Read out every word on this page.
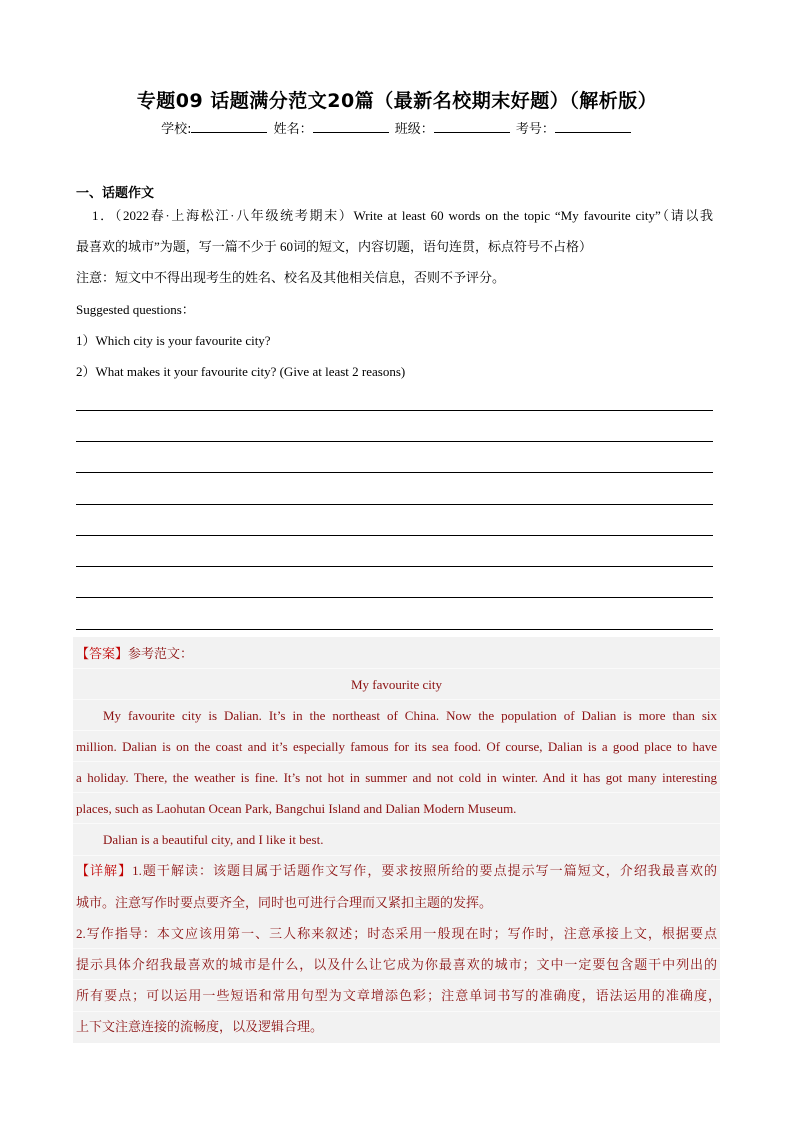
专题09 话题满分范文20篇（最新名校期末好题）（解析版）
学校:	姓名：	班级：	考号：
一、话题作文
1．（2022春·上海松江·八年级统考期末）Write at least 60 words on the topic “My favourite city”（请以我
最喜欢的城市”为题，写一篇不少于 60词的短文，内容切题，语句连贯，标点符号不占格）
注意：短文中不得出现考生的姓名、校名及其他相关信息，否则不予评分。
Suggested questions：
1）Which city is your favourite city?
2）What makes it your favourite city? (Give at least 2 reasons)
【答案】参考范文：
My favourite city
My favourite city is Dalian. It’s in the northeast of China. Now the population of Dalian is more than six
million. Dalian is on the coast and it’s especially famous for its sea food. Of course, Dalian is a good place to have
a holiday. There, the weather is fine. It’s not hot in summer and not cold in winter. And it has got many interesting
places, such as Laohutan Ocean Park, Bangchui Island and Dalian Modern Museum.
Dalian is a beautiful city, and I like it best.
【详解】1.题干解读：该题目属于话题作文写作，要求按照所给的要点提示写一篇短文，介绍我最喜欢的
城市。注意写作时要点要齐全，同时也可进行合理而又紧扣主题的发挥。
2.写作指导：本文应该用第一、三人称来叙述；时态采用一般现在时；写作时，注意承接上文，根据要点
提示具体介绍我最喜欢的城市是什么，以及什么让它成为你最喜欢的城市；文中一定要包含题干中列出的
所有要点；可以运用一些短语和常用句型为文章增添色彩；注意单词书写的准确度，语法运用的准确度，
上下文注意连接的流畅度，以及逻辑合理。
